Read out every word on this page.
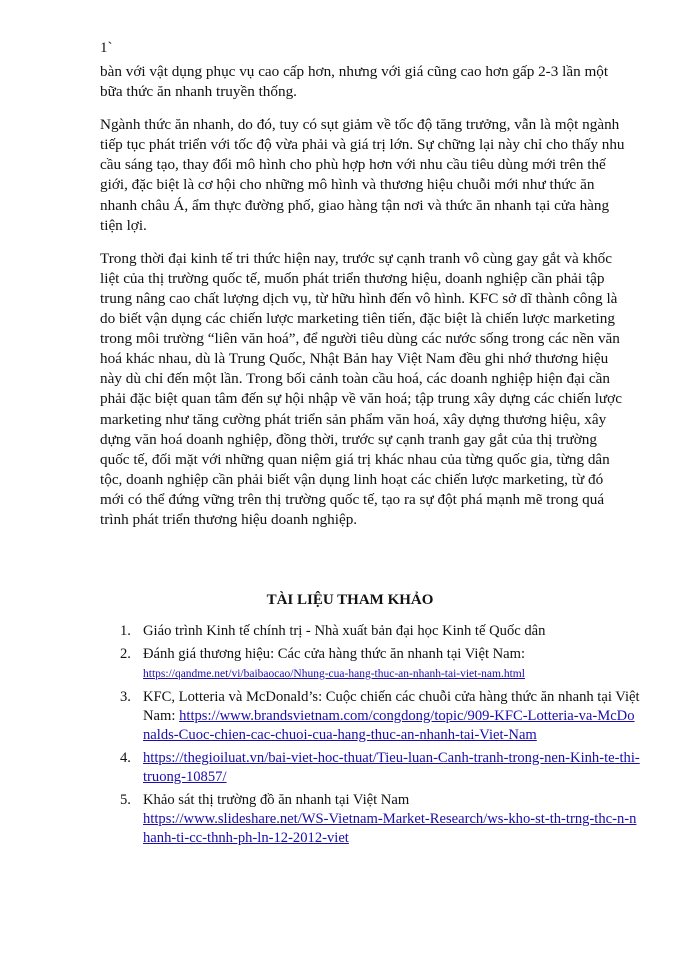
1`

bàn với vật dụng phục vụ cao cấp hơn, nhưng với giá cũng cao hơn gấp 2-3 lần một bữa thức ăn nhanh truyền thống.

Ngành thức ăn nhanh, do đó, tuy có sụt giảm về tốc độ tăng trưởng, vẫn là một ngành tiếp tục phát triển với tốc độ vừa phải và giá trị lớn. Sự chững lại này chỉ cho thấy nhu cầu sáng tạo, thay đổi mô hình cho phù hợp hơn với nhu cầu tiêu dùng mới trên thế giới, đặc biệt là cơ hội cho những mô hình và thương hiệu chuỗi mới như thức ăn nhanh châu Á, ẩm thực đường phố, giao hàng tận nơi và thức ăn nhanh tại cửa hàng tiện lợi.

Trong thời đại kinh tế tri thức hiện nay, trước sự cạnh tranh vô cùng gay gắt và khốc liệt của thị trường quốc tế, muốn phát triển thương hiệu, doanh nghiệp cần phải tập trung nâng cao chất lượng dịch vụ, từ hữu hình đến vô hình. KFC sở dĩ thành công là do biết vận dụng các chiến lược marketing tiên tiến, đặc biệt là chiến lược marketing trong môi trường “liên văn hoá”, để người tiêu dùng các nước sống trong các nền văn hoá khác nhau, dù là Trung Quốc, Nhật Bản hay Việt Nam đều ghi nhớ thương hiệu này dù chỉ đến một lần. Trong bối cảnh toàn cầu hoá, các doanh nghiệp hiện đại cần phải đặc biệt quan tâm đến sự hội nhập về văn hoá; tập trung xây dựng các chiến lược marketing như tăng cường phát triển sản phẩm văn hoá, xây dựng thương hiệu, xây dựng văn hoá doanh nghiệp, đồng thời, trước sự cạnh tranh gay gắt của thị trường quốc tế, đối mặt với những quan niệm giá trị khác nhau của từng quốc gia, từng dân tộc, doanh nghiệp cần phải biết vận dụng linh hoạt các chiến lược marketing, từ đó mới có thể đứng vững trên thị trường quốc tế, tạo ra sự đột phá mạnh mẽ trong quá trình phát triển thương hiệu doanh nghiệp.

TÀI LIỆU THAM KHẢO
1. Giáo trình Kinh tế chính trị - Nhà xuất bản đại học Kinh tế Quốc dân
2. Đánh giá thương hiệu: Các cửa hàng thức ăn nhanh tại Việt Nam:
https://qandme.net/vi/baibaocao/Nhung-cua-hang-thuc-an-nhanh-tai-viet-nam.html
3. KFC, Lotteria và McDonald’s: Cuộc chiến các chuỗi cửa hàng thức ăn nhanh tại Việt Nam: https://www.brandsvietnam.com/congdong/topic/909-KFC-Lotteria-va-McDonalds-Cuoc-chien-cac-chuoi-cua-hang-thuc-an-nhanh-tai-Viet-Nam
4. https://thegioiluat.vn/bai-viet-hoc-thuat/Tieu-luan-Canh-tranh-trong-nen-Kinh-te-thi-truong-10857/
5. Khảo sát thị trường đồ ăn nhanh tại Việt Nam
https://www.slideshare.net/WS-Vietnam-Market-Research/ws-kho-st-th-trng-thc-n-nhanh-ti-cc-thnh-ph-ln-12-2012-viet
